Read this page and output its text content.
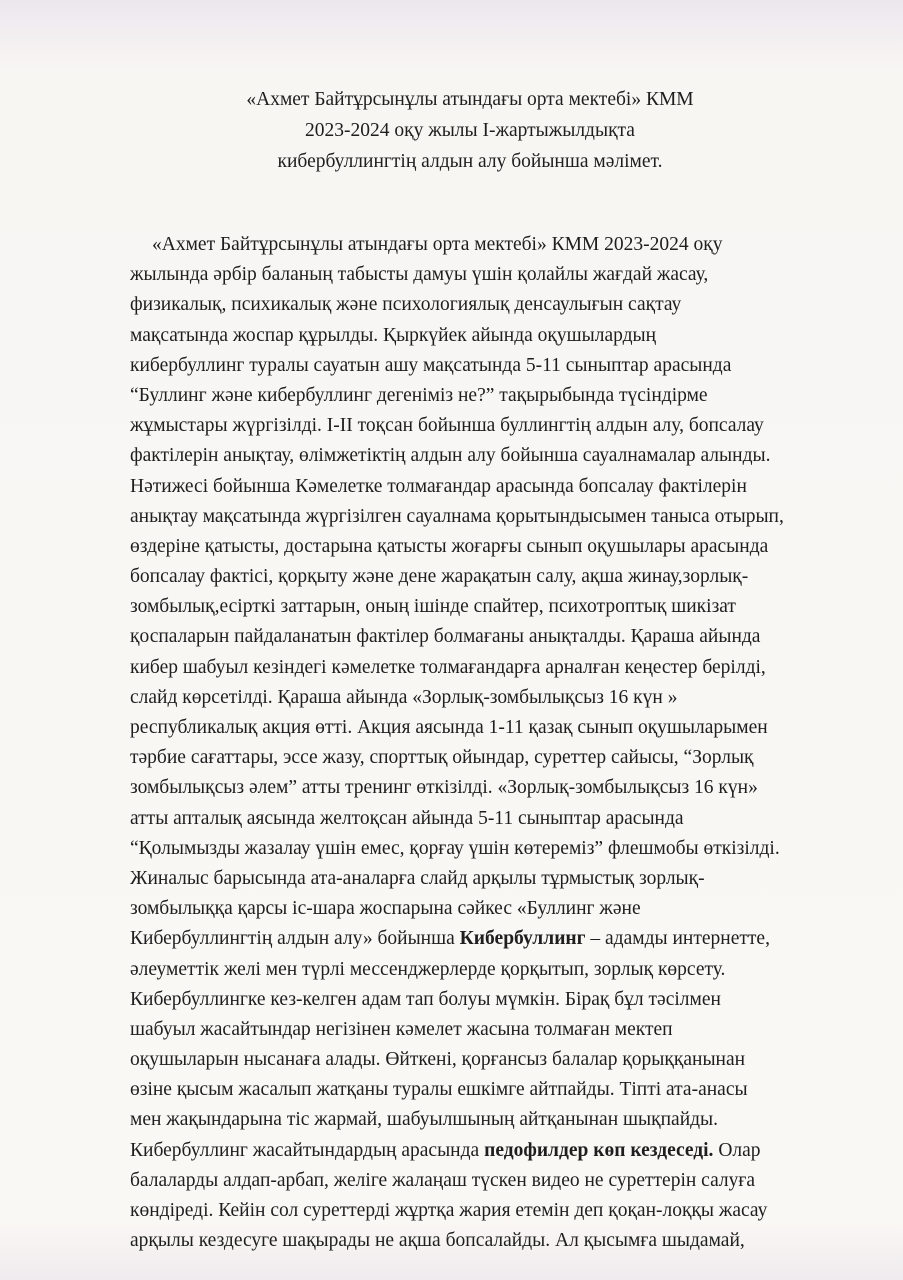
«Ахмет Байтұрсынұлы атындағы орта мектебі» КММ
2023-2024 оқу жылы І-жартыжылдықта
кибербуллингтің алдын алу бойынша мәлімет.
«Ахмет Байтұрсынұлы атындағы орта мектебі» КММ 2023-2024 оқу
жылында әрбір баланың табысты дамуы үшін қолайлы жағдай жасау,
физикалық, психикалық және психологиялық денсаулығын сақтау
мақсатында жоспар құрылды. Қыркүйек айында оқушылардың
кибербуллинг туралы сауатын ашу мақсатында 5-11 сыныптар арасында
“Буллинг және кибербуллинг дегеніміз не?” тақырыбында түсіндірме
жұмыстары жүргізілді. І-ІІ тоқсан бойынша буллингтің алдын алу, бопсалау
фактілерін анықтау, өлімжетіктің алдын алу бойынша сауалнамалар алынды.
Нәтижесі бойынша Кәмелетке толмағандар арасында бопсалау фактілерін
анықтау мақсатында жүргізілген сауалнама қорытындысымен таныса отырып,
өздеріне қатысты, достарына қатысты жоғарғы сынып оқушылары арасында
бопсалау фактісі, қорқыту және дене жарақатын салу, ақша жинау,зорлық-
зомбылық,есірткі заттарын, оның ішінде спайтер, психотроптық шикізат
қоспаларын пайдаланатын фактілер болмағаны анықталды. Қараша айында
кибер шабуыл кезіндегі кәмелетке толмағандарға арналған кеңестер берілді,
слайд көрсетілді. Қараша айында «Зорлық-зомбылықсыз 16 күн »
республикалық акция өтті. Акция аясында 1-11 қазақ сынып оқушыларымен
тәрбие сағаттары, эссе жазу, спорттық ойындар, суреттер сайысы, “Зорлық
зомбылықсыз әлем” атты тренинг өткізілді. «Зорлық-зомбылықсыз 16 күн»
атты апталық аясында желтоқсан айында 5-11 сыныптар арасында
“Қолымызды жазалау үшін емес, қорғау үшін көтереміз” флешмобы өткізілді.
Жиналыс барысында ата-аналарға слайд арқылы тұрмыстық зорлық-
зомбылыққа қарсы іс-шара жоспарына сәйкес «Буллинг және
Кибербуллингтің алдын алу» бойынша Кибербуллинг – адамды интернетте,
әлеуметтік желі мен түрлі мессенджерлерде қорқытып, зорлық көрсету.
Кибербуллингке кез-келген адам тап болуы мүмкін. Бірақ бұл тәсілмен
шабуыл жасайтындар негізінен кәмелет жасына толмаған мектеп
оқушыларын нысанаға алады. Өйткені, қорғансыз балалар қорыққанынан
өзіне қысым жасалып жатқаны туралы ешкімге айтпайды. Тіпті ата-анасы
мен жақындарына тіс жармай, шабуылшының айтқанынан шықпайды.
Кибербуллинг жасайтындардың арасында педофилдер көп кездеседі. Олар
балаларды алдап-арбап, желіге жалаңаш түскен видео не суреттерін салуға
көндіреді. Кейін сол суреттерді жұртқа жария етемін деп қоқан-лоққы жасау
арқылы кездесуге шақырады не ақша бопсалайды. Ал қысымға шыдамай,
